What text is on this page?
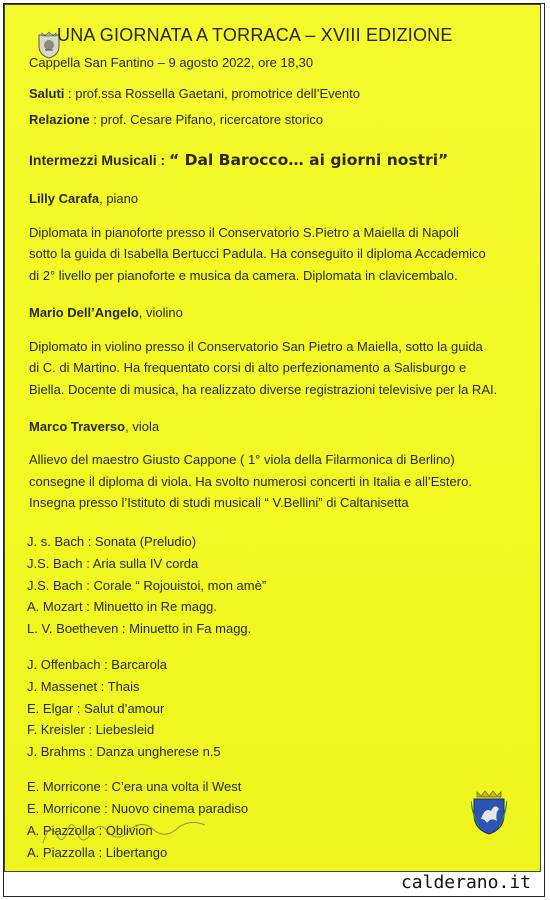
UNA GIORNATA A TORRACA – XVIII EDIZIONE
Cappella San Fantino – 9 agosto 2022, ore 18,30
Saluti : prof.ssa Rossella Gaetani, promotrice dell’Evento
Relazione : prof. Cesare Pifano, ricercatore storico
Intermezzi Musicali : “ Dal Barocco… ai giorni nostri”
Lilly Carafa, piano
Diplomata in pianoforte presso il Conservatorio S.Pietro a Maiella di Napoli
sotto la guida di Isabella Bertucci Padula. Ha conseguito il diploma Accademico
di 2° livello per pianoforte e musica da camera. Diplomata in clavicembalo.
Mario Dell’Angelo, violino
Diplomato in violino presso il Conservatorio San Pietro a Maiella, sotto la guida
di C. di Martino. Ha frequentato corsi di alto perfezionamento a Salisburgo e
Biella. Docente di musica, ha realizzato diverse registrazioni televisive per la RAI.
Marco Traverso, viola
Allievo del maestro Giusto Cappone ( 1° viola della Filarmonica di Berlino)
consegne il diploma di viola. Ha svolto numerosi concerti in Italia e all’Estero.
Insegna presso l’Istituto di studi musicali “ V.Bellini” di Caltanisetta
J. s. Bach : Sonata (Preludio)
J.S. Bach : Aria sulla IV corda
J.S. Bach : Corale “ Rojouistoi, mon amè”
A. Mozart : Minuetto in Re magg.
L. V. Boetheven : Minuetto in Fa magg.
J. Offenbach : Barcarola
J. Massenet : Thais
E. Elgar : Salut d’amour
F. Kreisler : Liebesleid
J. Brahms : Danza ungherese n.5
E. Morricone : C’era una volta il West
E. Morricone : Nuovo cinema paradiso
A. Piazzolla : Oblivion
A. Piazzolla : Libertango
calderano.it
